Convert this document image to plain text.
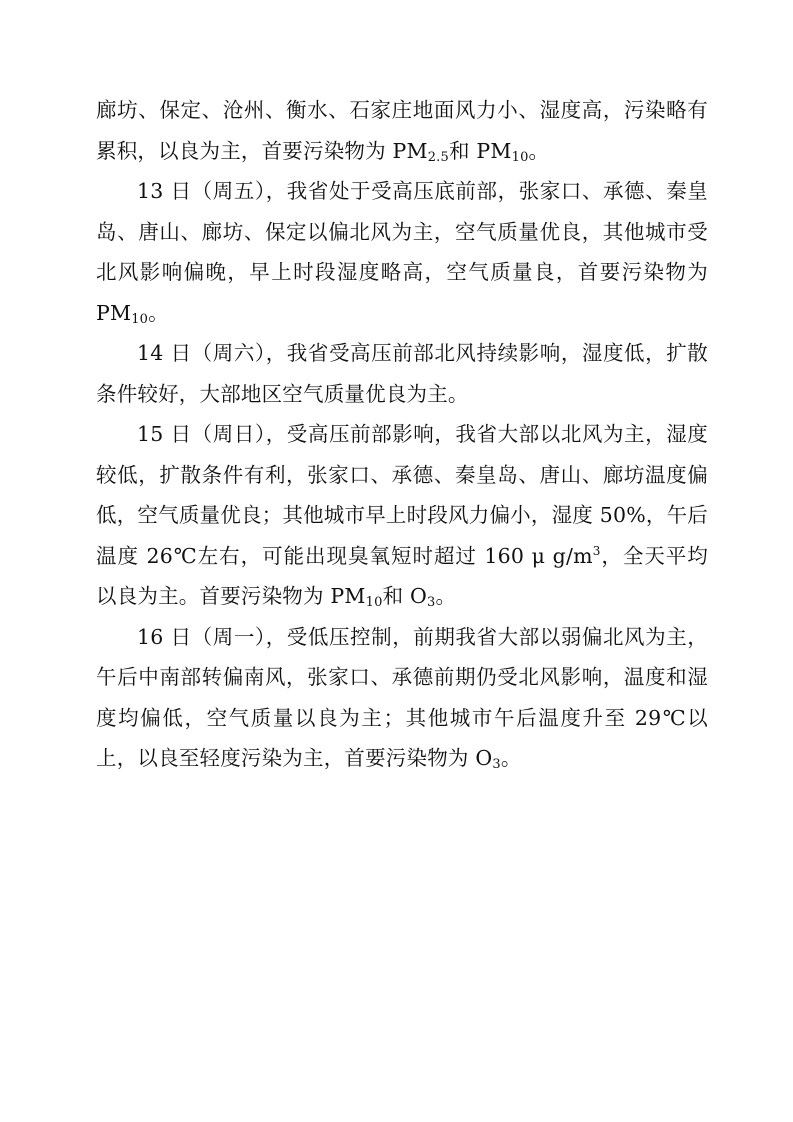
廊坊、保定、沧州、衡水、石家庄地面风力小、湿度高，污染略有累积，以良为主，首要污染物为 $PM_{2.5}$和 $PM_{10}$。

13 日（周五），我省处于受高压底前部，张家口、承德、秦皇岛、唐山、廊坊、保定以偏北风为主，空气质量优良，其他城市受北风影响偏晚，早上时段湿度略高，空气质量良，首要污染物为 $PM_{10}$。

14 日（周六），我省受高压前部北风持续影响，湿度低，扩散条件较好，大部地区空气质量优良为主。

15 日（周日），受高压前部影响，我省大部以北风为主，湿度较低，扩散条件有利，张家口、承德、秦皇岛、唐山、廊坊温度偏低，空气质量优良；其他城市早上时段风力偏小，湿度 50%，午后温度 26℃左右，可能出现臭氧短时超过 160 μ $g/m^3$，全天平均以良为主。首要污染物为 $PM_{10}$和 $O_3$。

16 日（周一），受低压控制，前期我省大部以弱偏北风为主，午后中南部转偏南风，张家口、承德前期仍受北风影响，温度和湿度均偏低，空气质量以良为主；其他城市午后温度升至 29℃以上，以良至轻度污染为主，首要污染物为 $O_3$。
